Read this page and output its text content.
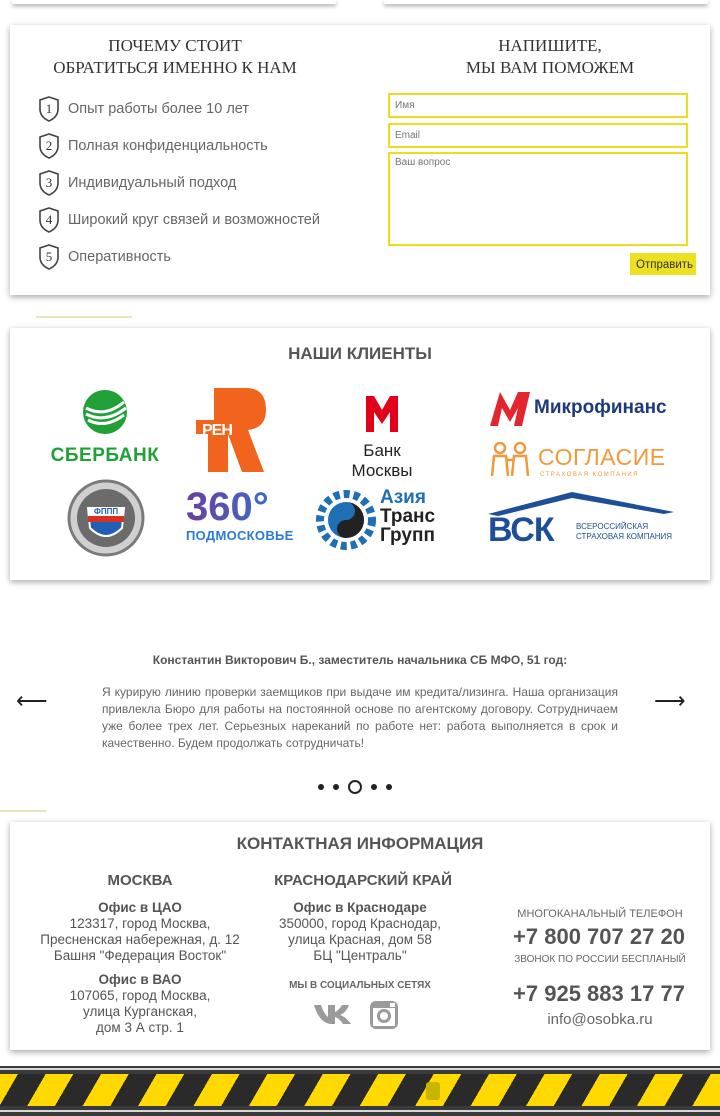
ПОЧЕМУ СТОИТ
ОБРАТИТЬСЯ ИМЕННО К НАМ
1 Опыт работы более 10 лет
2 Полная конфиденциальность
3 Индивидуальный подход
4 Широкий круг связей и возможностей
5 Оперативность
НАПИШИТЕ,
МЫ ВАМ ПОМОЖЕМ
Имя
Email
Ваш вопрос
Отправить
НАШИ КЛИЕНТЫ
СБЕРБАНК
РЕН
Банк Москвы
Микрофинанс
СОГЛАСИЕ
СТРАХОВАЯ КОМПАНИЯ
ФППП 360°
ПОДМОСКОВЬЕ
Азия
Транс
Групп ВСК	ВСЕРОССИЙСКАЯ
СТРАХОВАЯ КОМПАНИЯ
⟵	⟶
Константин Викторович Б., заместитель начальника СБ МФО, 51 год:
Я курирую линию проверки заемщиков при выдаче им кредита/лизинга. Наша организация привлекла Бюро для работы на постоянной основе по агентскому договору. Сотрудничаем уже более трех лет. Серьезных нареканий по работе нет: работа выполняется в срок и качественно. Будем продолжать сотрудничать!
КОНТАКТНАЯ ИНФОРМАЦИЯ
МОСКВА
Офис в ЦАО
123317, город Москва,
Пресненская набережная, д. 12
Башня "Федерация Восток"
Офис в ВАО
107065, город Москва,
улица Курганская,
дом 3 А стр. 1
КРАСНОДАРСКИЙ КРАЙ
Офис в Краснодаре
350000, город Краснодар,
улица Красная, дом 58
БЦ "Централь"
МЫ В СОЦИАЛЬНЫХ СЕТЯХ
МНОГОКАНАЛЬНЫЙ ТЕЛЕФОН
+7 800 707 27 20
ЗВОНОК ПО РОССИИ БЕСПЛАНЫЙ
+7 925 883 17 77
info@osobka.ru
